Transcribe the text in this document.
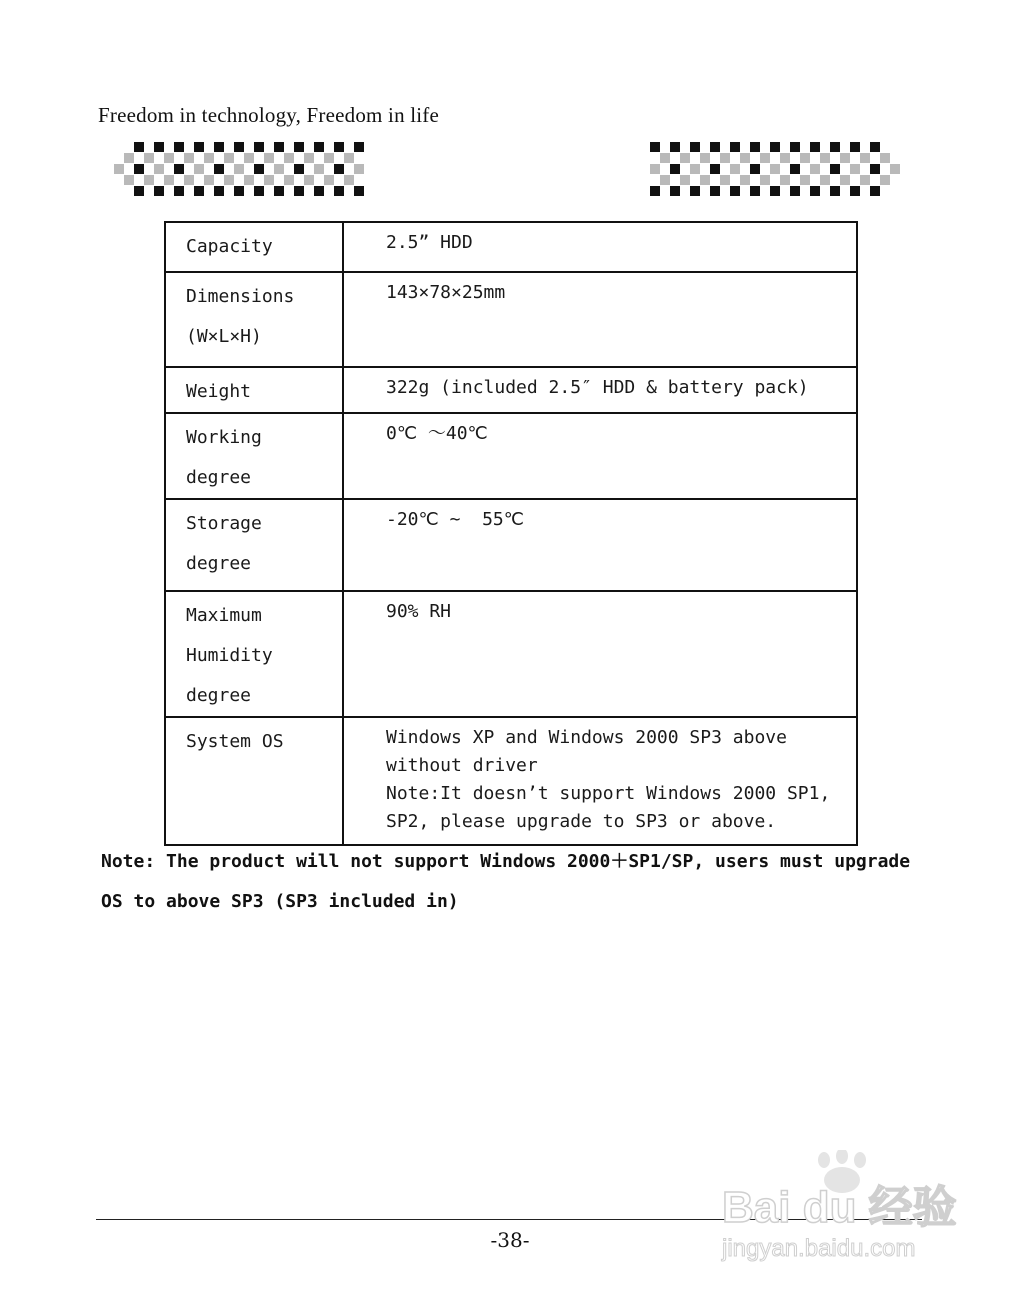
Freedom in technology, Freedom in life
Capacity	2.5” HDD

Dimensions
(W×L×H)	143×78×25mm

Weight	322g (included 2.5″ HDD & battery pack)

Working
degree	0℃ ～40℃

Storage
degree	-20℃ ~  55℃

Maximum
Humidity
degree	90% RH

System OS	Windows XP and Windows 2000 SP3 above without driver
Note:It doesn’t support Windows 2000 SP1, SP2, please upgrade to SP3 or above.
Note: The product will not support Windows 2000＋SP1/SP, users must upgrade
OS to above SP3 (SP3 included in)
-38-
Bai du 经验
jingyan.baidu.com
